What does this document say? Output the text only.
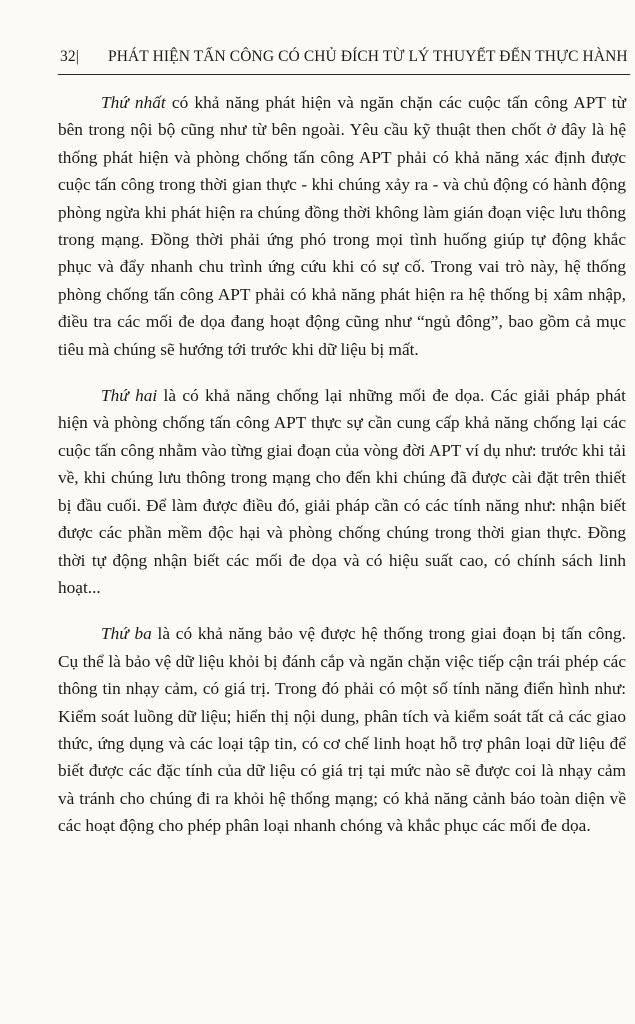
32| PHÁT HIỆN TẤN CÔNG CÓ CHỦ ĐÍCH TỪ LÝ THUYẾT ĐẾN THỰC HÀNH

Thứ nhất có khả năng phát hiện và ngăn chặn các cuộc tấn công APT từ bên trong nội bộ cũng như từ bên ngoài. Yêu cầu kỹ thuật then chốt ở đây là hệ thống phát hiện và phòng chống tấn công APT phải có khả năng xác định được cuộc tấn công trong thời gian thực - khi chúng xảy ra - và chủ động có hành động phòng ngừa khi phát hiện ra chúng đồng thời không làm gián đoạn việc lưu thông trong mạng. Đồng thời phải ứng phó trong mọi tình huống giúp tự động khắc phục và đẩy nhanh chu trình ứng cứu khi có sự cố. Trong vai trò này, hệ thống phòng chống tấn công APT phải có khả năng phát hiện ra hệ thống bị xâm nhập, điều tra các mối đe dọa đang hoạt động cũng như “ngủ đông”, bao gồm cả mục tiêu mà chúng sẽ hướng tới trước khi dữ liệu bị mất.

Thứ hai là có khả năng chống lại những mối đe dọa. Các giải pháp phát hiện và phòng chống tấn công APT thực sự cần cung cấp khả năng chống lại các cuộc tấn công nhằm vào từng giai đoạn của vòng đời APT ví dụ như: trước khi tải về, khi chúng lưu thông trong mạng cho đến khi chúng đã được cài đặt trên thiết bị đầu cuối. Để làm được điều đó, giải pháp cần có các tính năng như: nhận biết được các phần mềm độc hại và phòng chống chúng trong thời gian thực. Đồng thời tự động nhận biết các mối đe dọa và có hiệu suất cao, có chính sách linh hoạt...

Thứ ba là có khả năng bảo vệ được hệ thống trong giai đoạn bị tấn công. Cụ thể là bảo vệ dữ liệu khỏi bị đánh cắp và ngăn chặn việc tiếp cận trái phép các thông tin nhạy cảm, có giá trị. Trong đó phải có một số tính năng điển hình như: Kiểm soát luồng dữ liệu; hiển thị nội dung, phân tích và kiểm soát tất cả các giao thức, ứng dụng và các loại tập tin, có cơ chế linh hoạt hỗ trợ phân loại dữ liệu để biết được các đặc tính của dữ liệu có giá trị tại mức nào sẽ được coi là nhạy cảm và tránh cho chúng đi ra khỏi hệ thống mạng; có khả năng cảnh báo toàn diện về các hoạt động cho phép phân loại nhanh chóng và khắc phục các mối đe dọa.
